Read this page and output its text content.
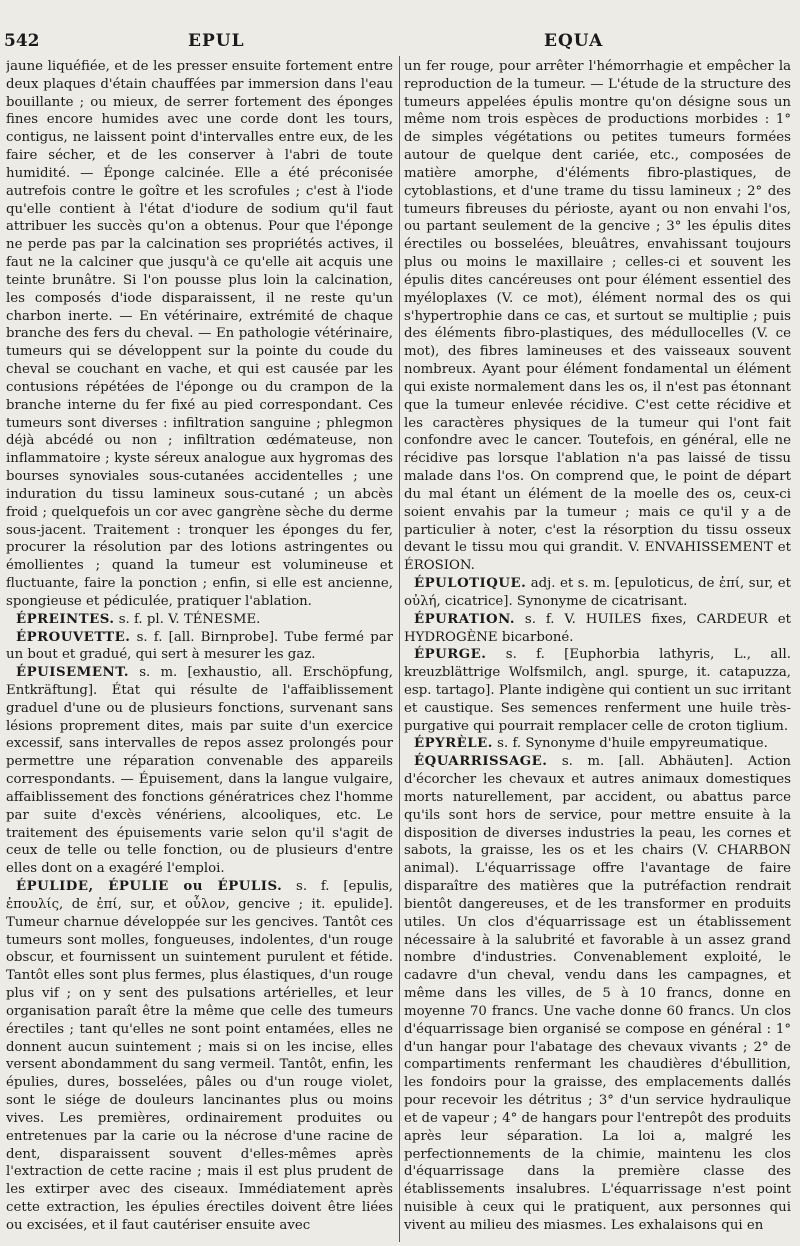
542	EPUL	EQUA

jaune liquéfiée, et de les presser ensuite fortement entre deux plaques d'étain chauffées par immersion dans l'eau bouillante ; ou mieux, de serrer fortement des éponges fines encore humides avec une corde dont les tours, contigus, ne laissent point d'intervalles entre eux, de les faire sécher, et de les conserver à l'abri de toute humidité. — Éponge calcinée. Elle a été préconisée autrefois contre le goître et les scrofules ; c'est à l'iode qu'elle contient à l'état d'iodure de sodium qu'il faut attribuer les succès qu'on a obtenus. Pour que l'éponge ne perde pas par la calcination ses propriétés actives, il faut ne la calciner que jusqu'à ce qu'elle ait acquis une teinte brunâtre. Si l'on pousse plus loin la calcination, les composés d'iode disparaissent, il ne reste qu'un charbon inerte. — En vétérinaire, extrémité de chaque branche des fers du cheval. — En pathologie vétérinaire, tumeurs qui se développent sur la pointe du coude du cheval se couchant en vache, et qui est causée par les contusions répétées de l'éponge ou du crampon de la branche interne du fer fixé au pied correspondant. Ces tumeurs sont diverses : infiltration sanguine ; phlegmon déjà abcédé ou non ; infiltration œdémateuse, non inflammatoire ; kyste séreux analogue aux hygromas des bourses synoviales sous-cutanées accidentelles ; une induration du tissu lamineux sous-cutané ; un abcès froid ; quelquefois un cor avec gangrène sèche du derme sous-jacent. Traitement : tronquer les éponges du fer, procurer la résolution par des lotions astringentes ou émollientes ; quand la tumeur est volumineuse et fluctuante, faire la ponction ; enfin, si elle est ancienne, spongieuse et pédiculée, pratiquer l'ablation.

ÉPREINTES. s. f. pl. V. TÉNESME.

ÉPROUVETTE. s. f. [all. Birnprobe]. Tube fermé par un bout et gradué, qui sert à mesurer les gaz.

ÉPUISEMENT. s. m. [exhaustio, all. Erschöpfung, Entkräftung]. État qui résulte de l'affaiblissement graduel d'une ou de plusieurs fonctions, survenant sans lésions proprement dites, mais par suite d'un exercice excessif, sans intervalles de repos assez prolongés pour permettre une réparation convenable des appareils correspondants. — Épuisement, dans la langue vulgaire, affaiblissement des fonctions génératrices chez l'homme par suite d'excès vénériens, alcooliques, etc. Le traitement des épuisements varie selon qu'il s'agit de ceux de telle ou telle fonction, ou de plusieurs d'entre elles dont on a exagéré l'emploi.

ÉPULIDE, ÉPULIE ou ÉPULIS. s. f. [epulis, ἐπουλίς, de ἐπί, sur, et οὖλον, gencive ; it. epulide]. Tumeur charnue développée sur les gencives. Tantôt ces tumeurs sont molles, fongueuses, indolentes, d'un rouge obscur, et fournissent un suintement purulent et fétide. Tantôt elles sont plus fermes, plus élastiques, d'un rouge plus vif ; on y sent des pulsations artérielles, et leur organisation paraît être la même que celle des tumeurs érectiles ; tant qu'elles ne sont point entamées, elles ne donnent aucun suintement ; mais si on les incise, elles versent abondamment du sang vermeil. Tantôt, enfin, les épulies, dures, bosselées, pâles ou d'un rouge violet, sont le siége de douleurs lancinantes plus ou moins vives. Les premières, ordinairement produites ou entretenues par la carie ou la nécrose d'une racine de dent, disparaissent souvent d'elles-mêmes après l'extraction de cette racine ; mais il est plus prudent de les extirper avec des ciseaux. Immédiatement après cette extraction, les épulies érectiles doivent être liées ou excisées, et il faut cautériser ensuite avec

un fer rouge, pour arrêter l'hémorrhagie et empêcher la reproduction de la tumeur. — L'étude de la structure des tumeurs appelées épulis montre qu'on désigne sous un même nom trois espèces de productions morbides : 1° de simples végétations ou petites tumeurs formées autour de quelque dent cariée, etc., composées de matière amorphe, d'éléments fibro-plastiques, de cytoblastions, et d'une trame du tissu lamineux ; 2° des tumeurs fibreuses du périoste, ayant ou non envahi l'os, ou partant seulement de la gencive ; 3° les épulis dites érectiles ou bosselées, bleuâtres, envahissant toujours plus ou moins le maxillaire ; celles-ci et souvent les épulis dites cancéreuses ont pour élément essentiel des myéloplaxes (V. ce mot), élément normal des os qui s'hypertrophie dans ce cas, et surtout se multiplie ; puis des éléments fibro-plastiques, des médullocelles (V. ce mot), des fibres lamineuses et des vaisseaux souvent nombreux. Ayant pour élément fondamental un élément qui existe normalement dans les os, il n'est pas étonnant que la tumeur enlevée récidive. C'est cette récidive et les caractères physiques de la tumeur qui l'ont fait confondre avec le cancer. Toutefois, en général, elle ne récidive pas lorsque l'ablation n'a pas laissé de tissu malade dans l'os. On comprend que, le point de départ du mal étant un élément de la moelle des os, ceux-ci soient envahis par la tumeur ; mais ce qu'il y a de particulier à noter, c'est la résorption du tissu osseux devant le tissu mou qui grandit. V. ENVAHISSEMENT et ÉROSION.

ÉPULOTIQUE. adj. et s. m. [epuloticus, de ἐπί, sur, et οὐλή, cicatrice]. Synonyme de cicatrisant.

ÉPURATION. s. f. V. HUILES fixes, CARDEUR et HYDROGÈNE bicarboné.

ÉPURGE. s. f. [Euphorbia lathyris, L., all. kreuzblättrige Wolfsmilch, angl. spurge, it. catapuzza, esp. tartago]. Plante indigène qui contient un suc irritant et caustique. Ses semences renferment une huile très-purgative qui pourrait remplacer celle de croton tiglium.

ÉPYRÈLE. s. f. Synonyme d'huile empyreumatique.

ÉQUARRISSAGE. s. m. [all. Abhäuten]. Action d'écorcher les chevaux et autres animaux domestiques morts naturellement, par accident, ou abattus parce qu'ils sont hors de service, pour mettre ensuite à la disposition de diverses industries la peau, les cornes et sabots, la graisse, les os et les chairs (V. CHARBON animal). L'équarrissage offre l'avantage de faire disparaître des matières que la putréfaction rendrait bientôt dangereuses, et de les transformer en produits utiles. Un clos d'équarrissage est un établissement nécessaire à la salubrité et favorable à un assez grand nombre d'industries. Convenablement exploité, le cadavre d'un cheval, vendu dans les campagnes, et même dans les villes, de 5 à 10 francs, donne en moyenne 70 francs. Une vache donne 60 francs. Un clos d'équarrissage bien organisé se compose en général : 1° d'un hangar pour l'abatage des chevaux vivants ; 2° de compartiments renfermant les chaudières d'ébullition, les fondoirs pour la graisse, des emplacements dallés pour recevoir les détritus ; 3° d'un service hydraulique et de vapeur ; 4° de hangars pour l'entrepôt des produits après leur séparation. La loi a, malgré les perfectionnements de la chimie, maintenu les clos d'équarrissage dans la première classe des établissements insalubres. L'équarrissage n'est point nuisible à ceux qui le pratiquent, aux personnes qui vivent au milieu des miasmes. Les exhalaisons qui en
